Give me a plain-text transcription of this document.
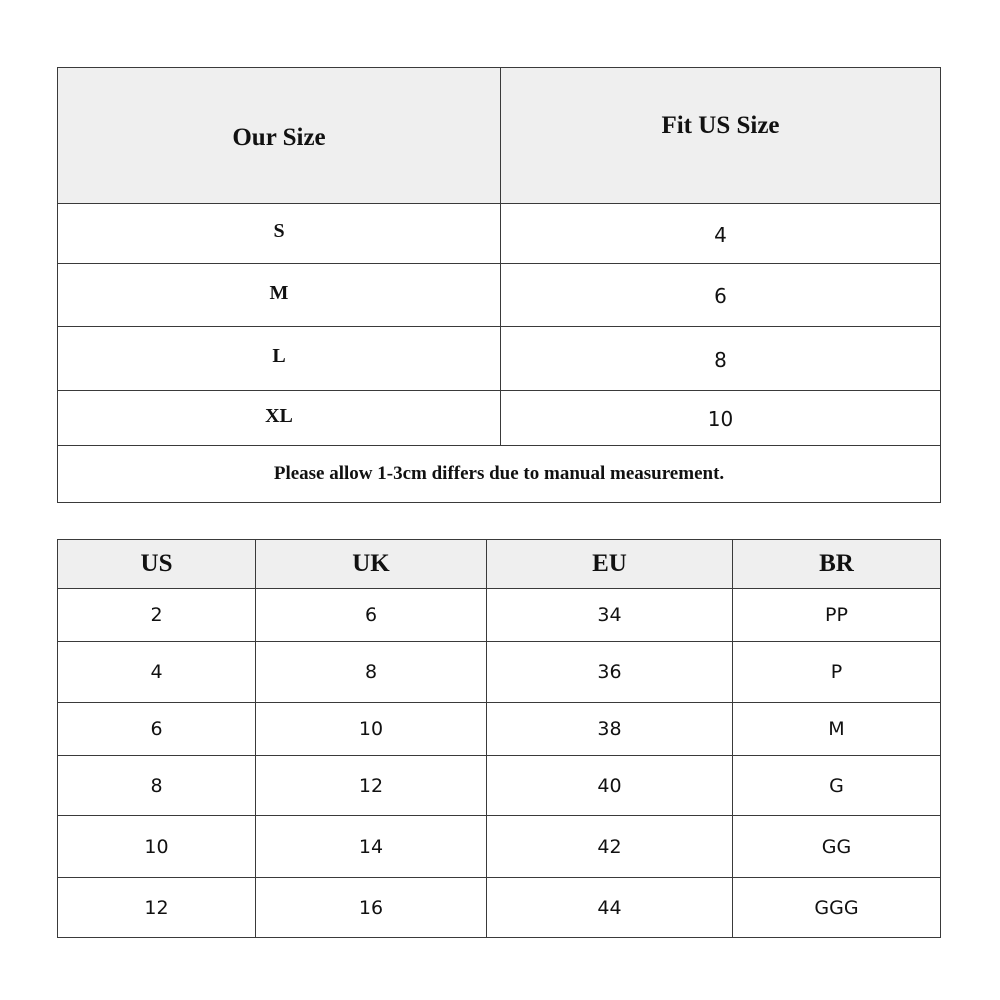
Our Size	Fit US Size
S	4
M	6
L	8
XL	10
Please allow 1-3cm differs due to manual measurement.	
US	UK	EU	BR
2	6	34	PP
4	8	36	P
6	10	38	M
8	12	40	G
10	14	42	GG
12	16	44	GGG
